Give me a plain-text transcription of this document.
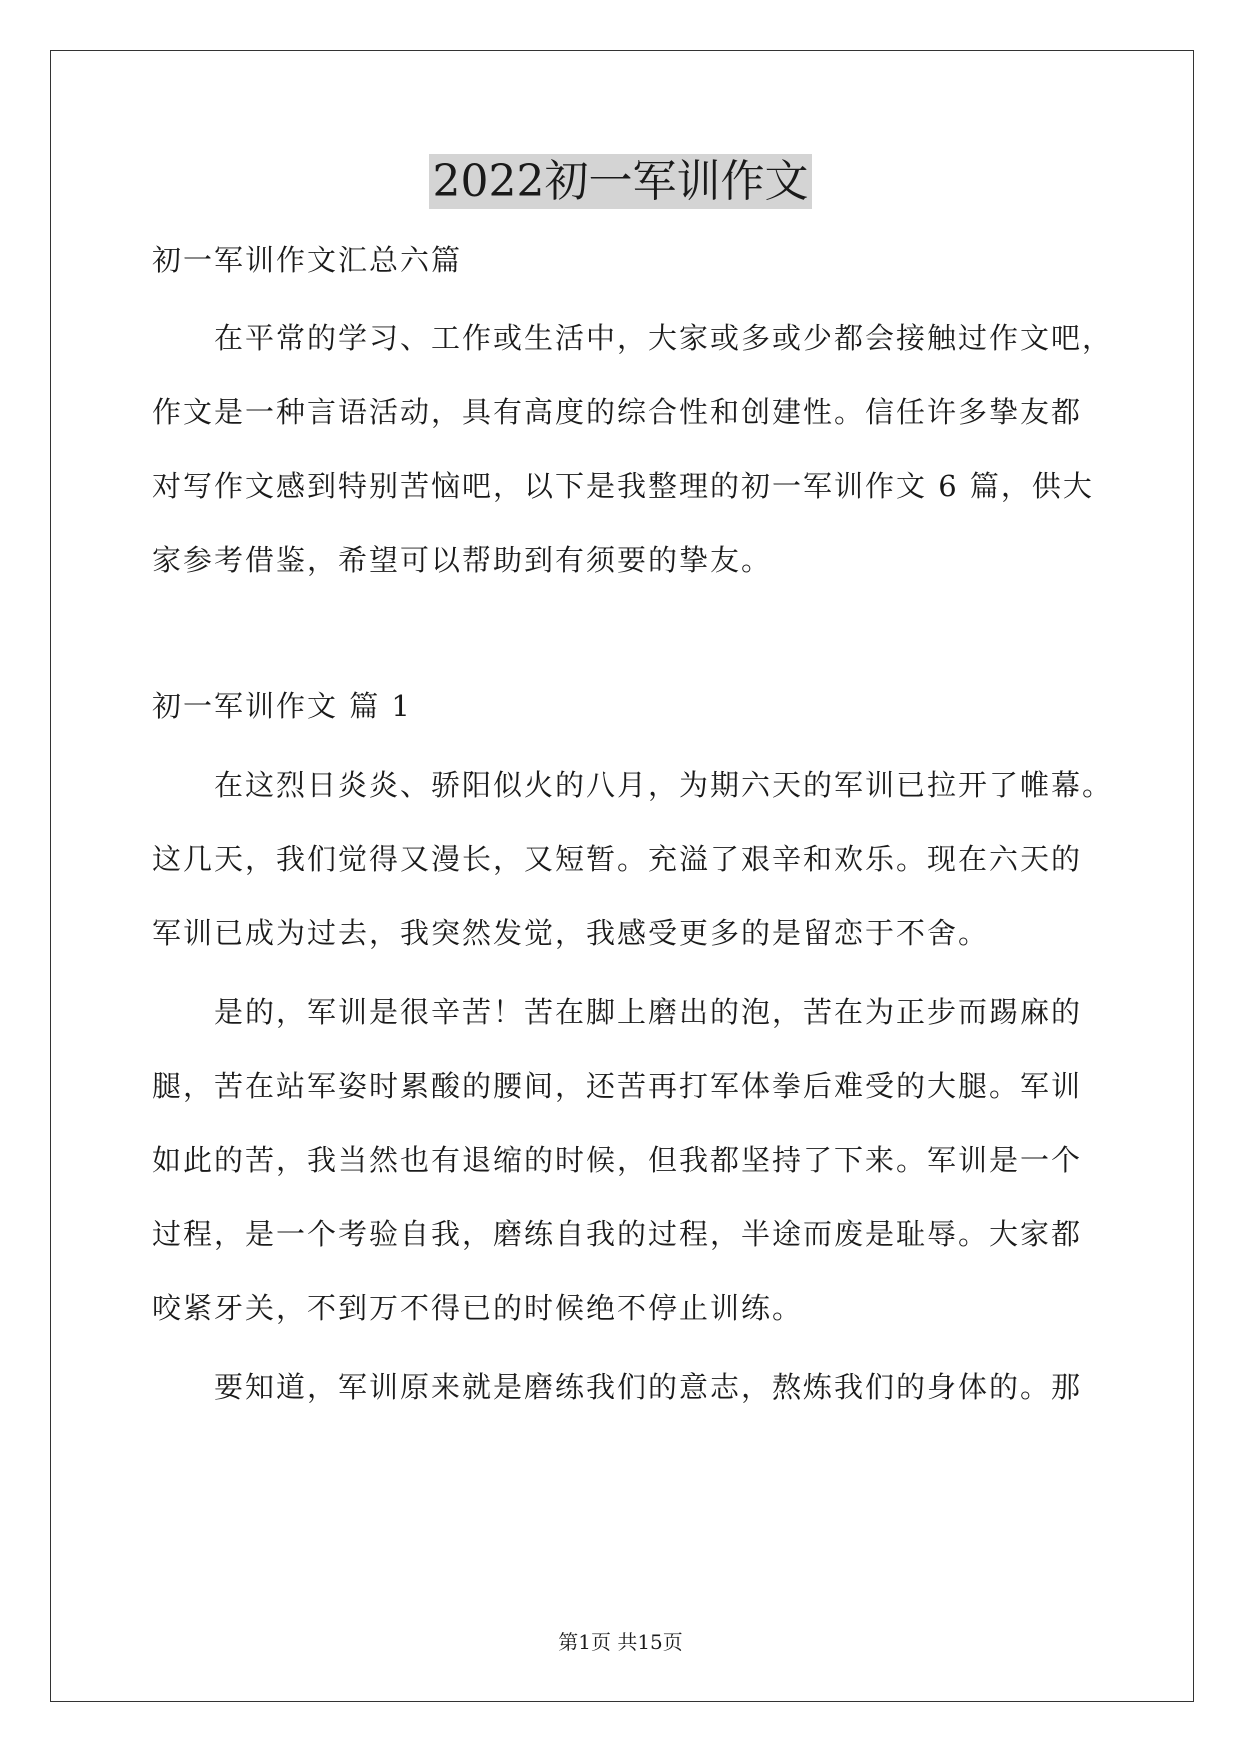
2022初一军训作文
初一军训作文汇总六篇
在平常的学习、工作或生活中，大家或多或少都会接触过作文吧，
作文是一种言语活动，具有高度的综合性和创建性。信任许多挚友都
对写作文感到特别苦恼吧，以下是我整理的初一军训作文 6 篇，供大
家参考借鉴，希望可以帮助到有须要的挚友。
初一军训作文 篇 1
在这烈日炎炎、骄阳似火的八月，为期六天的军训已拉开了帷幕。
这几天，我们觉得又漫长，又短暂。充溢了艰辛和欢乐。现在六天的
军训已成为过去，我突然发觉，我感受更多的是留恋于不舍。
是的，军训是很辛苦！苦在脚上磨出的泡，苦在为正步而踢麻的
腿，苦在站军姿时累酸的腰间，还苦再打军体拳后难受的大腿。军训
如此的苦，我当然也有退缩的时候，但我都坚持了下来。军训是一个
过程，是一个考验自我，磨练自我的过程，半途而废是耻辱。大家都
咬紧牙关，不到万不得已的时候绝不停止训练。
要知道，军训原来就是磨练我们的意志，熬炼我们的身体的。那
第1页 共15页
